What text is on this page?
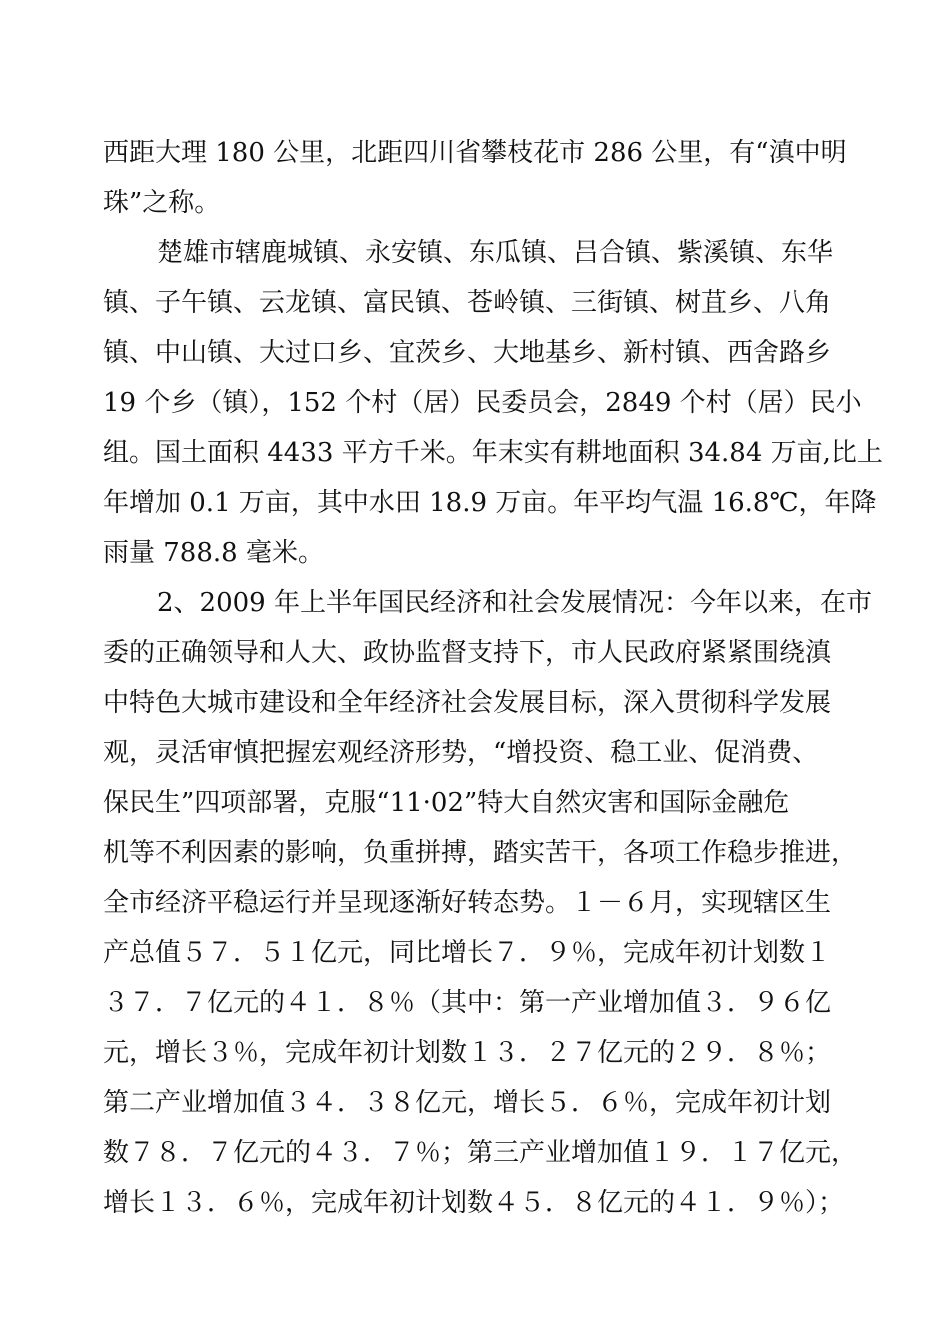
西距大理 180 公里，北距四川省攀枝花市 286 公里，有“滇中明
珠”之称。
楚雄市辖鹿城镇、永安镇、东瓜镇、吕合镇、紫溪镇、东华
镇、子午镇、云龙镇、富民镇、苍岭镇、三街镇、树苴乡、八角
镇、中山镇、大过口乡、宜茨乡、大地基乡、新村镇、西舍路乡
19 个乡（镇），152 个村（居）民委员会，2849 个村（居）民小
组。国土面积 4433 平方千米。年末实有耕地面积 34.84 万亩,比上
年增加 0.1 万亩，其中水田 18.9 万亩。年平均气温 16.8℃，年降
雨量 788.8 毫米。
2、2009 年上半年国民经济和社会发展情况：今年以来，在市
委的正确领导和人大、政协监督支持下，市人民政府紧紧围绕滇
中特色大城市建设和全年经济社会发展目标，深入贯彻科学发展
观，灵活审慎把握宏观经济形势，“增投资、稳工业、促消费、
保民生”四项部署，克服“11·02”特大自然灾害和国际金融危
机等不利因素的影响，负重拼搏，踏实苦干，各项工作稳步推进，
全市经济平稳运行并呈现逐渐好转态势。１－６月，实现辖区生
产总值５７．５１亿元，同比增长７．９％，完成年初计划数１
３７．７亿元的４１．８％（其中：第一产业增加值３．９６亿
元，增长３％，完成年初计划数１３．２７亿元的２９．８％；
第二产业增加值３４．３８亿元，增长５．６％，完成年初计划
数７８．７亿元的４３．７％；第三产业增加值１９．１７亿元，
增长１３．６％，完成年初计划数４５．８亿元的４１．９％）；
